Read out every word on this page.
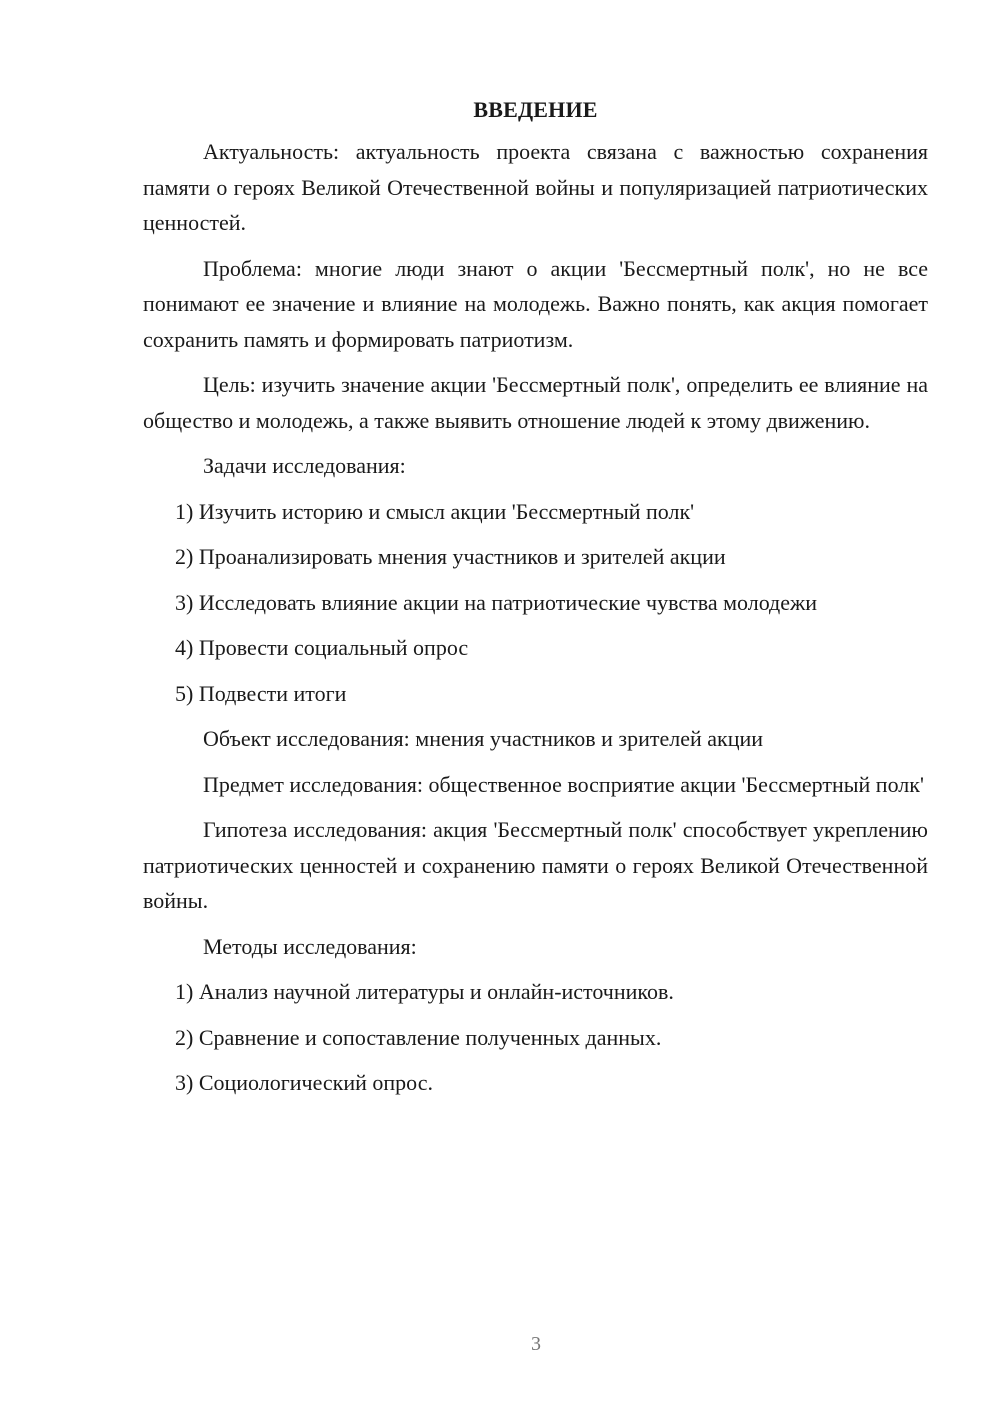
ВВЕДЕНИЕ

Актуальность: актуальность проекта связана с важностью сохранения памяти о героях Великой Отечественной войны и популяризацией патриотических ценностей.

Проблема: многие люди знают о акции 'Бессмертный полк', но не все понимают ее значение и влияние на молодежь. Важно понять, как акция помогает сохранить память и формировать патриотизм.

Цель: изучить значение акции 'Бессмертный полк', определить ее влияние на общество и молодежь, а также выявить отношение людей к этому движению.

Задачи исследования:

1) Изучить историю и смысл акции 'Бессмертный полк'
2) Проанализировать мнения участников и зрителей акции
3) Исследовать влияние акции на патриотические чувства молодежи
4) Провести социальный опрос
5) Подвести итоги

Объект исследования: мнения участников и зрителей акции

Предмет исследования: общественное восприятие акции 'Бессмертный полк'

Гипотеза исследования: акция 'Бессмертный полк' способствует укреплению патриотических ценностей и сохранению памяти о героях Великой Отечественной войны.

Методы исследования:

1) Анализ научной литературы и онлайн-источников.
2) Сравнение и сопоставление полученных данных.
3) Социологический опрос.
3
